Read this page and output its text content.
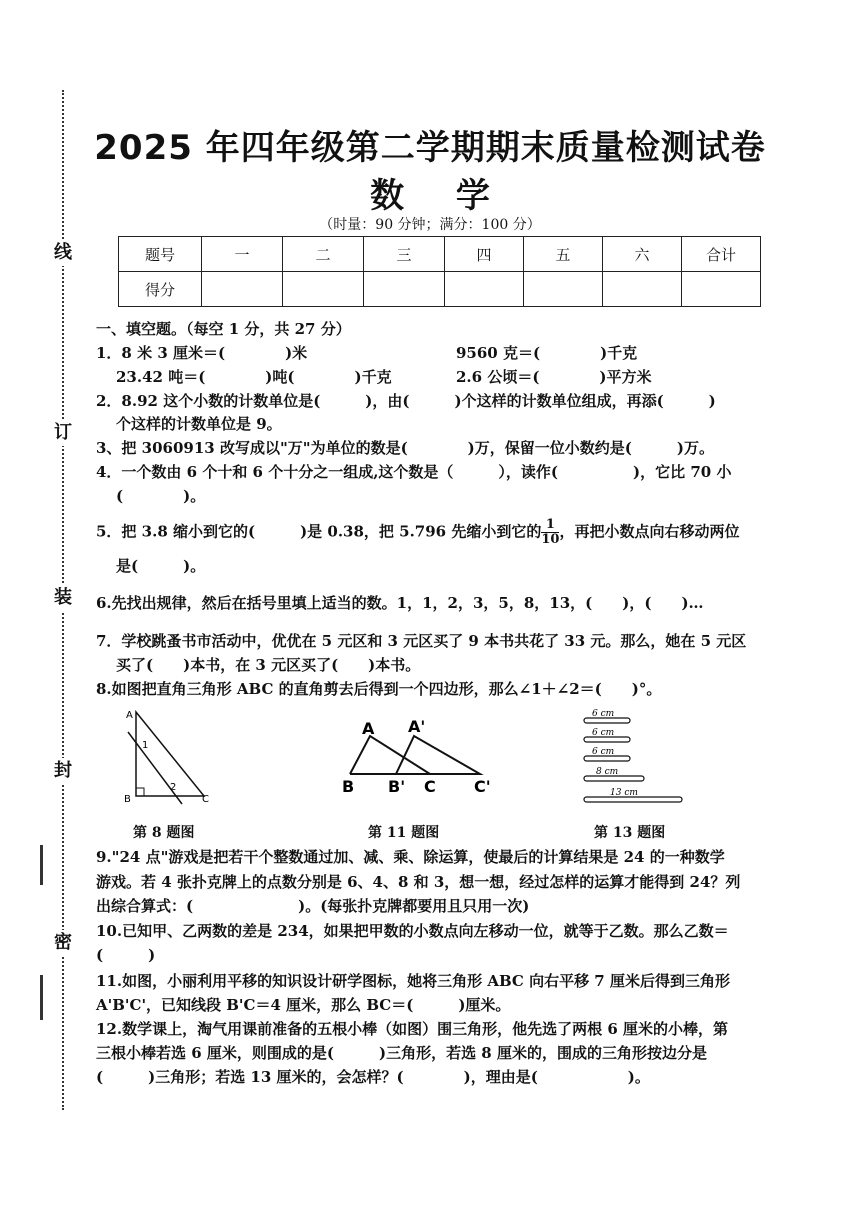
线
订
装
封
密
2025 年四年级第二学期期末质量检测试卷
数 学
（时量：90 分钟；满分：100 分）
题号	一	二	三	四	五	六	合计
得分							
一、填空题。（每空 1 分，共 27 分）
1．8 米 3 厘米＝(　　　　)米	9560 克＝(　　　　)千克
23.42 吨＝(　　　　)吨(　　　　)千克	2.6 公顷＝(　　　　)平方米
2．8.92 这个小数的计数单位是(　　　)，由(　　　)个这样的计数单位组成，再添(　　　)
个这样的计数单位是 9。
3、把 3060913 改写成以"万"为单位的数是(　　　　)万，保留一位小数约是(　　　)万。
4．一个数由 6 个十和 6 个十分之一组成,这个数是（　　　），读作(　　　　　)，它比 70 小
(　　　　)。
5．把 3.8 缩小到它的(　　　)是 0.38，把 5.796 先缩小到它的 $\frac{1}{10}$ ，再把小数点向右移动两位
是(　　　)。
6.先找出规律，然后在括号里填上适当的数。1，1，2，3，5，8，13，(　　)，(　　)…
7．学校跳蚤书市活动中，优优在 5 元区和 3 元区买了 9 本书共花了 33 元。那么，她在 5 元区
买了(　　)本书，在 3 元区买了(　　)本书。
8.如图把直角三角形 ABC 的直角剪去后得到一个四边形，那么∠1＋∠2＝(　　)°。
A
B	C
1
2
第 8 题图
A A'
B B' C C'
第 11 题图
6 cm
6 cm
6 cm
8 cm
13 cm
第 13 题图
9."24 点"游戏是把若干个整数通过加、减、乘、除运算，使最后的计算结果是 24 的一种数学
游戏。若 4 张扑克牌上的点数分别是 6、4、8 和 3，想一想，经过怎样的运算才能得到 24？列
出综合算式：(　　　　　　　)。(每张扑克牌都要用且只用一次)
10.已知甲、乙两数的差是 234，如果把甲数的小数点向左移动一位，就等于乙数。那么乙数＝
(　　　)
11.如图，小丽利用平移的知识设计研学图标，她将三角形 ABC 向右平移 7 厘米后得到三角形
A'B'C'，已知线段 B'C＝4 厘米，那么 BC＝(　　　)厘米。
12.数学课上，淘气用课前准备的五根小棒（如图）围三角形，他先选了两根 6 厘米的小棒，第
三根小棒若选 6 厘米，则围成的是(　　　)三角形，若选 8 厘米的，围成的三角形按边分是
(　　　)三角形；若选 13 厘米的，会怎样？(　　　　)，理由是(　　　　　　)。
